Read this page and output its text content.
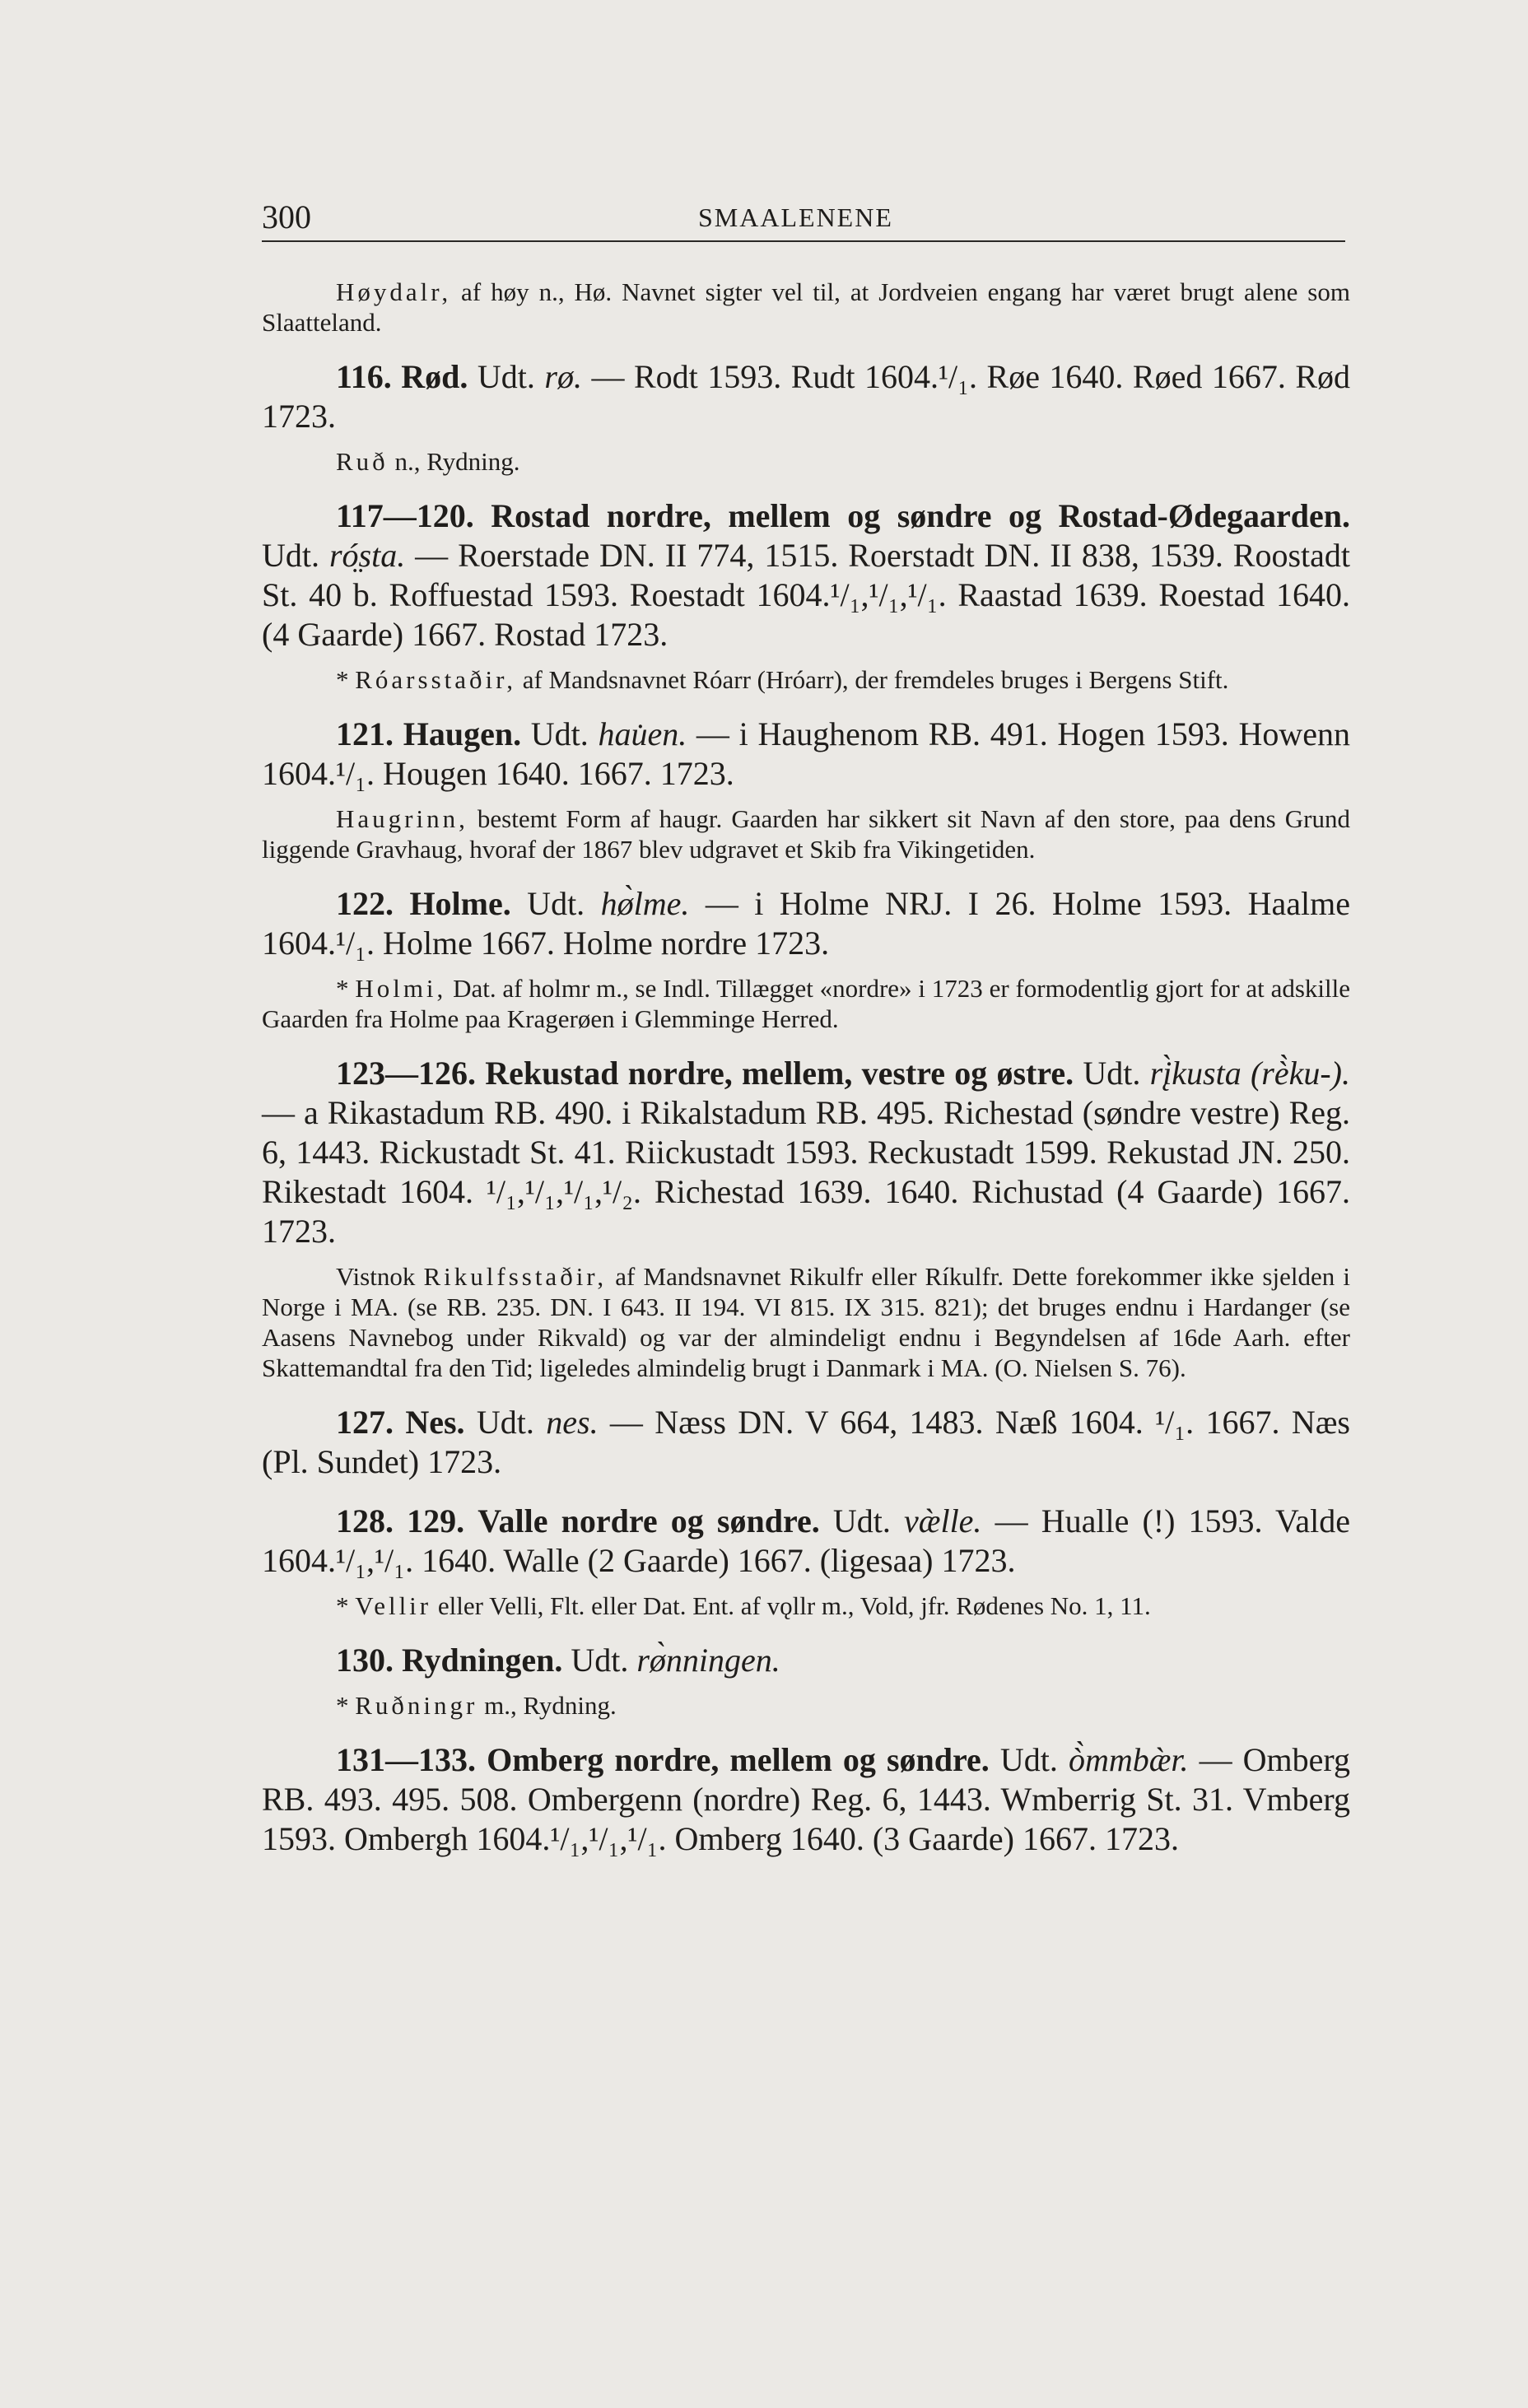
300	SMAALENENE

Høydalr, af høy n., Hø. Navnet sigter vel til, at Jordveien engang har været brugt alene som Slaatteland.

116. Rød. Udt. rø. — Rodt 1593. Rudt 1604.¹/₁. Røe 1640. Røed 1667. Rød 1723.

Ruð n., Rydning.

117—120. Rostad nordre, mellem og søndre og Rostad-Ødegaarden. Udt. ró̤sta. — Roerstade DN. II 774, 1515. Roerstadt DN. II 838, 1539. Roostadt St. 40 b. Roffuestad 1593. Roestadt 1604.¹/₁,¹/₁,¹/₁. Raastad 1639. Roestad 1640. (4 Gaarde) 1667. Rostad 1723.

* Róarsstaðir, af Mandsnavnet Róarr (Hróarr), der fremdeles bruges i Bergens Stift.

121. Haugen. Udt. hau̇en. — i Haughenom RB. 491. Hogen 1593. Howenn 1604.¹/₁. Hougen 1640. 1667. 1723.

Haugrinn, bestemt Form af haugr. Gaarden har sikkert sit Navn af den store, paa dens Grund liggende Gravhaug, hvoraf der 1867 blev udgravet et Skib fra Vikingetiden.

122. Holme. Udt. hø̀lme. — i Holme NRJ. I 26. Holme 1593. Haalme 1604.¹/₁. Holme 1667. Holme nordre 1723.

* Holmi, Dat. af holmr m., se Indl. Tillægget «nordre» i 1723 er formodentlig gjort for at adskille Gaarden fra Holme paa Kragerøen i Glemminge Herred.

123—126. Rekustad nordre, mellem, vestre og østre. Udt. rį̀kusta (rè̀ku-). — a Rikastadum RB. 490. i Rikalstadum RB. 495. Richestad (søndre vestre) Reg. 6, 1443. Rickustadt St. 41. Riickustadt 1593. Reckustadt 1599. Rekustad JN. 250. Rikestadt 1604. ¹/₁,¹/₁,¹/₁,¹/₂. Richestad 1639. 1640. Richustad (4 Gaarde) 1667. 1723.

Vistnok Rikulfsstaðir, af Mandsnavnet Rikulfr eller Ríkulfr. Dette forekommer ikke sjelden i Norge i MA. (se RB. 235. DN. I 643. II 194. VI 815. IX 315. 821); det bruges endnu i Hardanger (se Aasens Navnebog under Rikvald) og var der almindeligt endnu i Begyndelsen af 16de Aarh. efter Skattemandtal fra den Tid; ligeledes almindelig brugt i Danmark i MA. (O. Nielsen S. 76).

127. Nes. Udt. nes. — Næss DN. V 664, 1483. Næß 1604. ¹/₁. 1667. Næs (Pl. Sundet) 1723.

128. 129. Valle nordre og søndre. Udt. væ̀lle. — Hualle (!) 1593. Valde 1604.¹/₁,¹/₁. 1640. Walle (2 Gaarde) 1667. (ligesaa) 1723.

* Vellir eller Velli, Flt. eller Dat. Ent. af vǫllr m., Vold, jfr. Rødenes No. 1, 11.

130. Rydningen. Udt. rø̀nningen.

* Ruðningr m., Rydning.

131—133. Omberg nordre, mellem og søndre. Udt. ò̀mmbæ̀r. — Omberg RB. 493. 495. 508. Ombergenn (nordre) Reg. 6, 1443. Wmberrig St. 31. Vmberg 1593. Ombergh 1604.¹/₁,¹/₁,¹/₁. Omberg 1640. (3 Gaarde) 1667. 1723.
